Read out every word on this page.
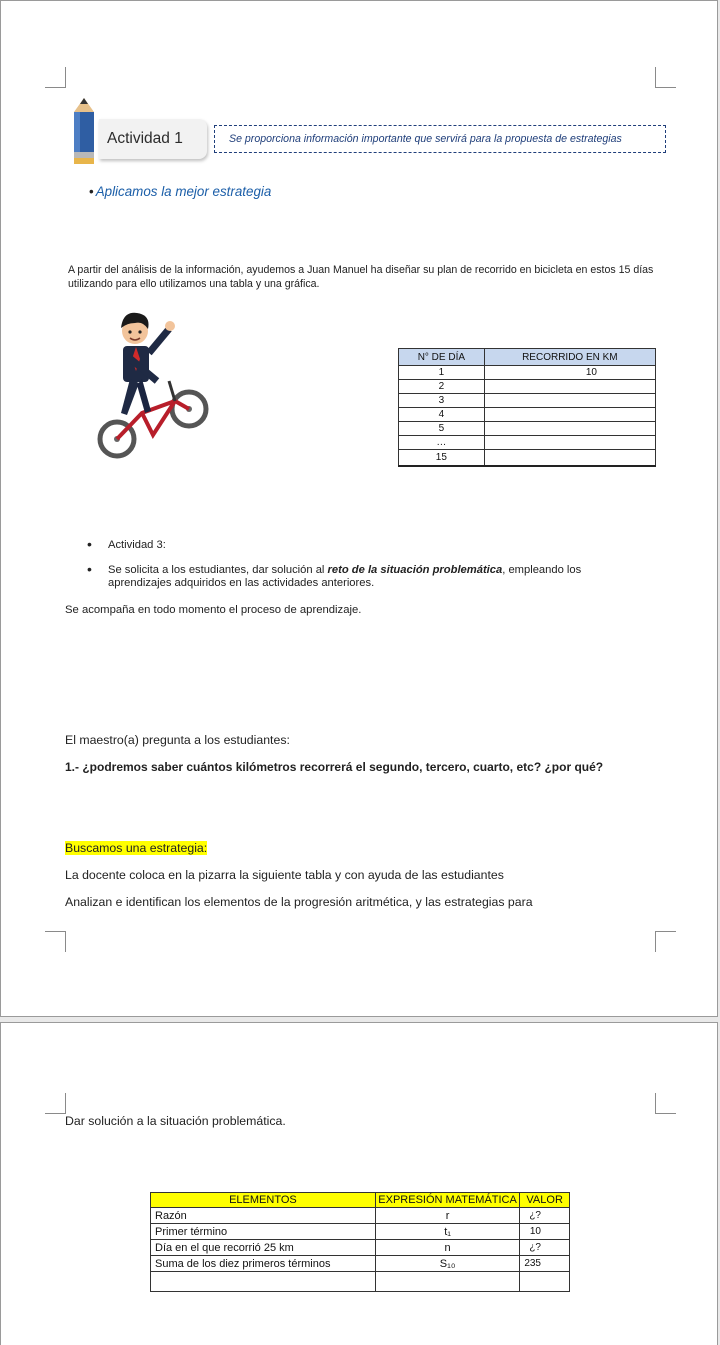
Actividad 1	Se proporciona información importante que servirá para la propuesta de estrategias
• Aplicamos la mejor estrategia
A partir del análisis de la información, ayudemos a Juan Manuel ha diseñar su plan de recorrido en bicicleta en estos 15 días utilizando para ello utilizamos una tabla y una gráfica.
N° DE DÍA	RECORRIDO EN KM
1	10
2	
3	
4	
5	
…	
15	
• Actividad 3:
• Se solicita a los estudiantes, dar solución al reto de la situación problemática, empleando los aprendizajes adquiridos en las actividades anteriores.
Se acompaña en todo momento el proceso de aprendizaje.
El maestro(a) pregunta a los estudiantes:
1.- ¿podremos saber cuántos kilómetros recorrerá el segundo, tercero, cuarto, etc? ¿por qué?
Buscamos una estrategia:
La docente coloca en la pizarra la siguiente tabla y con ayuda de las estudiantes
Analizan e identifican los elementos de la progresión aritmética, y las estrategias para
Dar solución a la situación problemática.
ELEMENTOS	EXPRESIÓN MATEMÁTICA	VALOR
Razón	r	¿?
Primer término	t₁	10
Día en el que recorrió 25 km	n	¿?
Suma de los diez primeros términos	S₁₀	235
